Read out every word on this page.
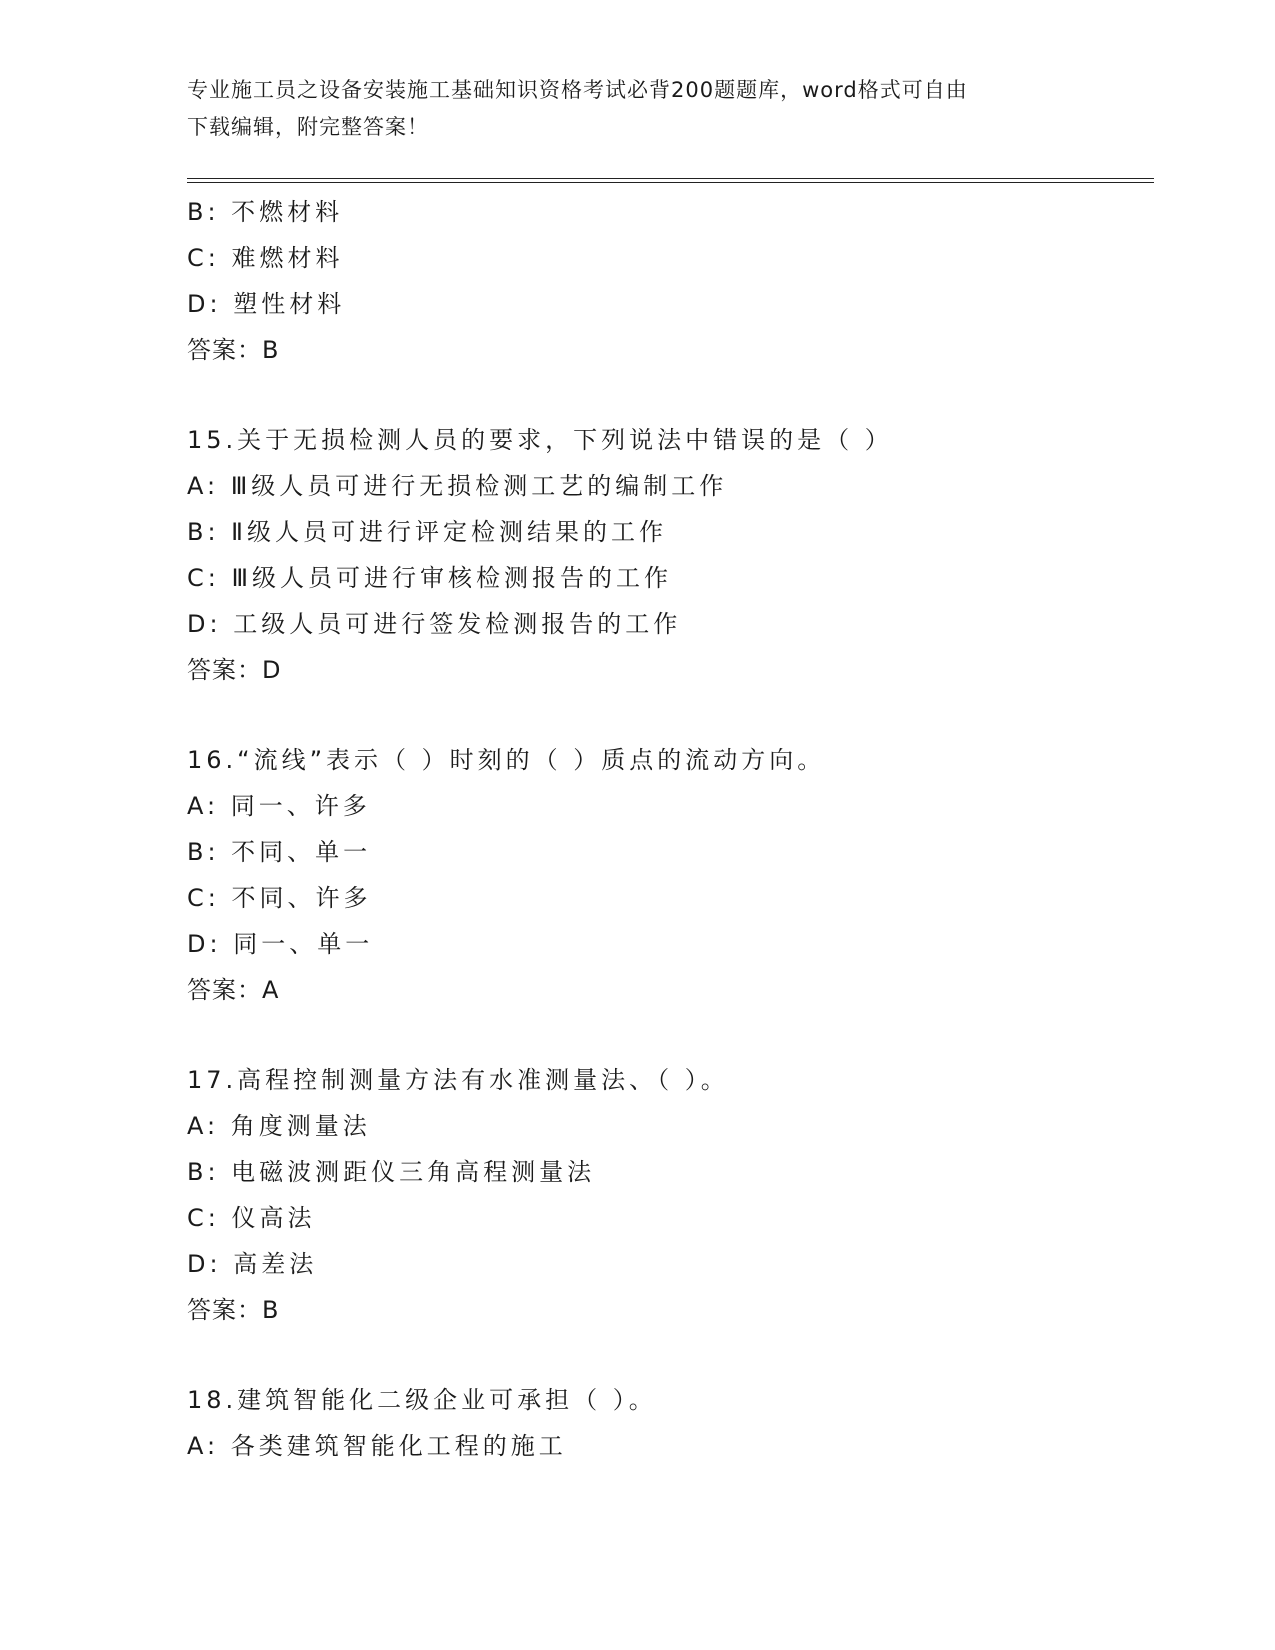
专业施工员之设备安装施工基础知识资格考试必背200题题库，word格式可自由
下载编辑，附完整答案！
B: 不燃材料
C: 难燃材料
D: 塑性材料
答案：B
15.关于无损检测人员的要求，下列说法中错误的是（ ）
A: Ⅲ级人员可进行无损检测工艺的编制工作
B: Ⅱ级人员可进行评定检测结果的工作
C: Ⅲ级人员可进行审核检测报告的工作
D: 工级人员可进行签发检测报告的工作
答案：D
16.“流线”表示（ ）时刻的（ ）质点的流动方向。
A: 同一、许多
B: 不同、单一
C: 不同、许多
D: 同一、单一
答案：A
17.高程控制测量方法有水准测量法、（ ）。
A: 角度测量法
B: 电磁波测距仪三角高程测量法
C: 仪高法
D: 高差法
答案：B
18.建筑智能化二级企业可承担（ ）。
A: 各类建筑智能化工程的施工
